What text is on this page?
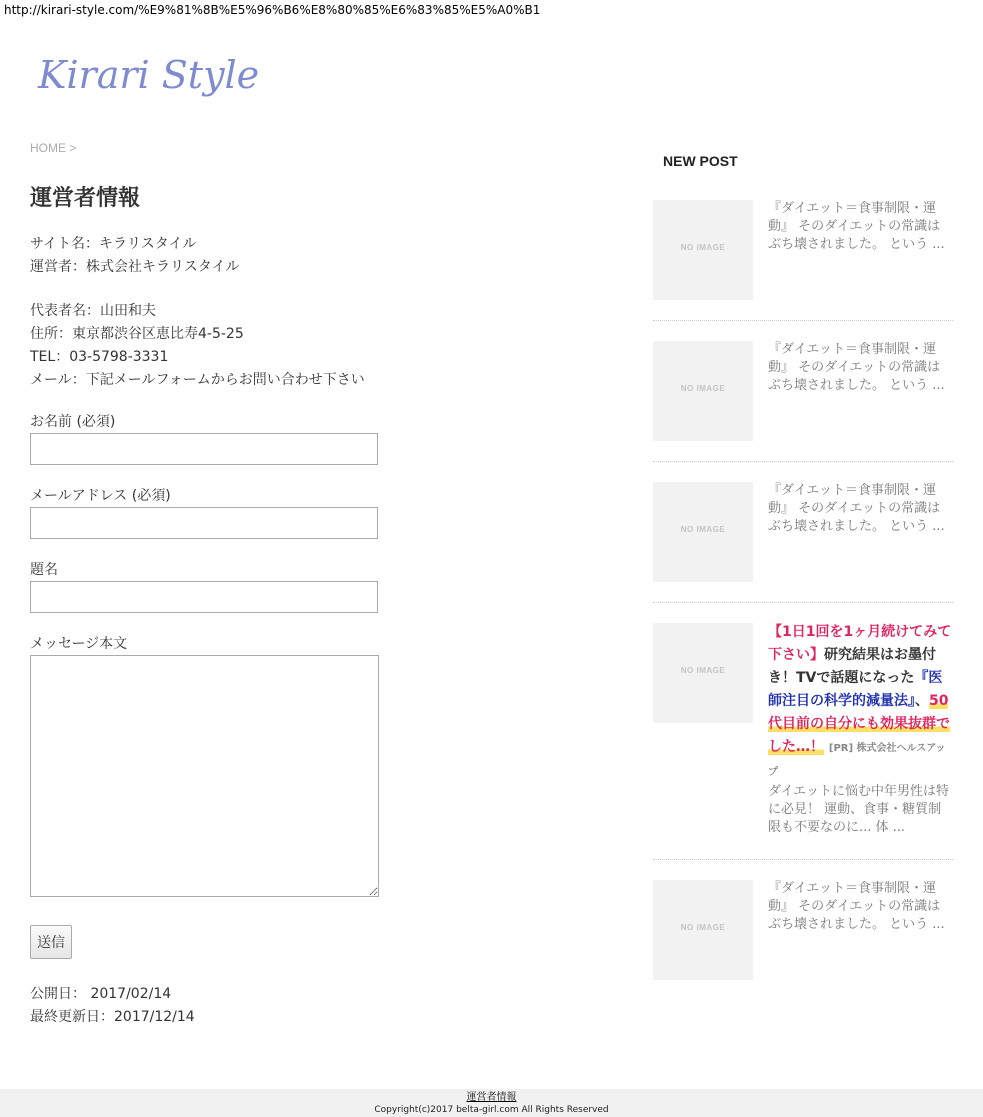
http://kirari-style.com/%E9%81%8B%E5%96%B6%E8%80%85%E6%83%85%E5%A0%B1
Kirari Style
HOME >
運営者情報
サイト名：キラリスタイル
運営者：株式会社キラリスタイル
代表者名：山田和夫
住所：東京都渋谷区恵比寿4-5-25
TEL：03-5798-3331
メール：下記メールフォームからお問い合わせ下さい
お名前 (必須)
メールアドレス (必須)
題名
メッセージ本文
送信
公開日： 2017/02/14
最終更新日：2017/12/14
NEW POST
NO IMAGE
『ダイエット＝食事制限・運動』 そのダイエットの常識はぶち壊されました。 という ...
NO IMAGE
『ダイエット＝食事制限・運動』 そのダイエットの常識はぶち壊されました。 という ...
NO IMAGE
『ダイエット＝食事制限・運動』 そのダイエットの常識はぶち壊されました。 という ...
NO IMAGE
【1日1回を1ヶ月続けてみて下さい】研究結果はお墨付き！TVで話題になった『医師注目の科学的減量法』、50代目前の自分にも効果抜群でした…！ [PR] 株式会社ヘルスアップ
ダイエットに悩む中年男性は特に必見！ 運動、食事・糖質制限も不要なのに... 体 ...
NO IMAGE
『ダイエット＝食事制限・運動』 そのダイエットの常識はぶち壊されました。 という ...
運営者情報
Copyright(c)2017 belta-girl.com All Rights Reserved
